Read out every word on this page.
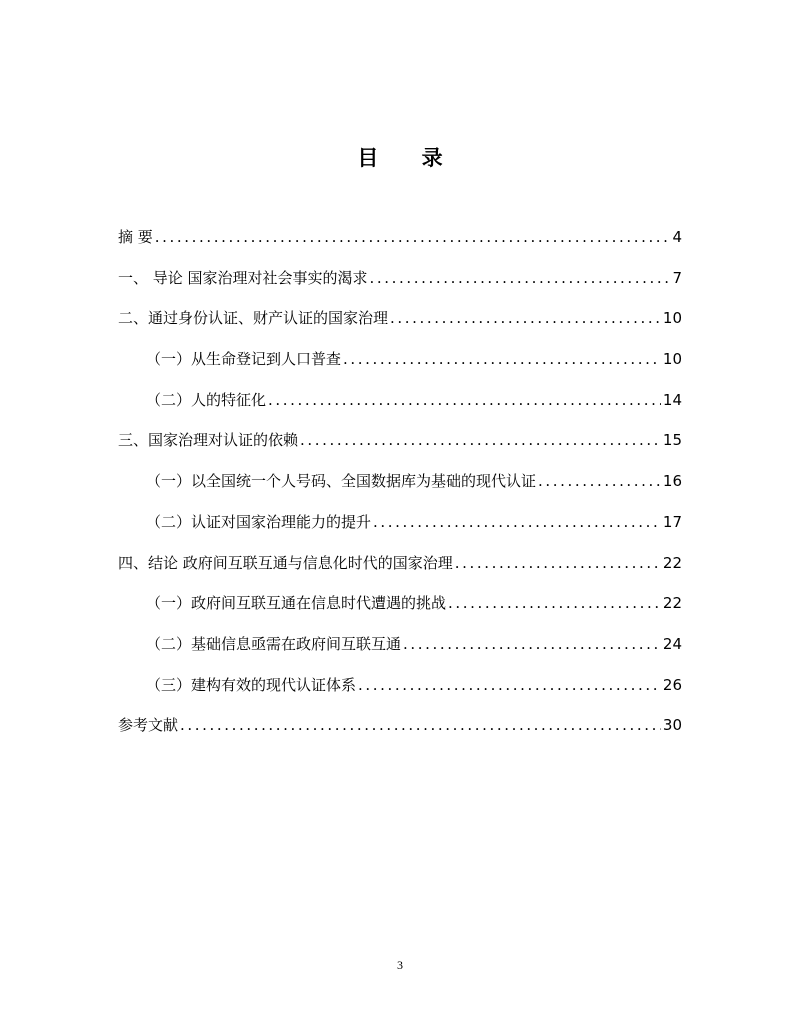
目 录
摘 要 .....	4
一、 导论 国家治理对社会事实的渴求 .....	7
二、通过身份认证、财产认证的国家治理 .....	10
（一）从生命登记到人口普查 .....	10
（二）人的特征化 .....	14
三、国家治理对认证的依赖 .....	15
（一）以全国统一个人号码、全国数据库为基础的现代认证 .....	16
（二）认证对国家治理能力的提升 .....	17
四、结论 政府间互联互通与信息化时代的国家治理 .....	22
（一）政府间互联互通在信息时代遭遇的挑战 .....	22
（二）基础信息亟需在政府间互联互通 .....	24
（三）建构有效的现代认证体系 .....	26
参考文献 .....	30
3
